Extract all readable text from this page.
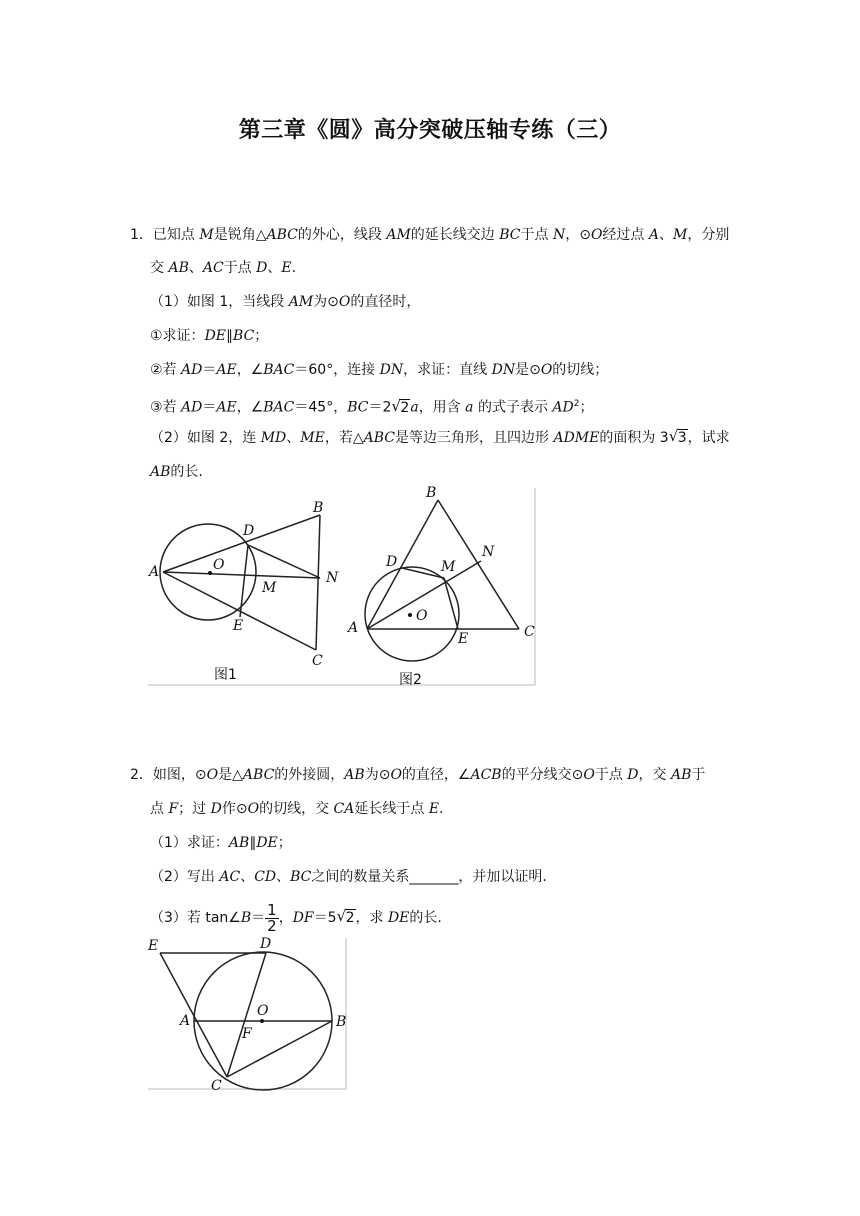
第三章《圆》高分突破压轴专练（三）
1．已知点 M是锐角△ABC的外心，线段 AM的延长线交边 BC于点 N，⊙O经过点 A、M，分别
交 AB、AC于点 D、E.
（1）如图 1，当线段 AM为⊙O的直径时，
①求证：DE∥BC；
②若 AD＝AE，∠BAC＝60°，连接 DN，求证：直线 DN是⊙O的切线；
③若 AD＝AE，∠BAC＝45°，BC＝2 √ 2a，用含 a 的式子表示 $AD^2$；
（2）如图 2，连 MD、ME，若△ABC是等边三角形，且四边形 ADME的面积为 3 √ 3，试求
AB的长.
A	O
D
B
M
N
E
C
图1
B
N
D	M
O
A
E	C
图2
2．如图，⊙O是△ABC的外接圆，AB为⊙O的直径，∠ACB的平分线交⊙O于点 D，交 AB于
点 F；过 D作⊙O的切线，交 CA延长线于点 E.
（1）求证：AB∥DE；
（2）写出 AC、CD、BC之间的数量关系_______，并加以证明.
（3）若 tan∠B＝ $\frac{1}{2}$ ，DF＝5 √ 2，求 DE的长.
E	D
O
A	B
F
C
